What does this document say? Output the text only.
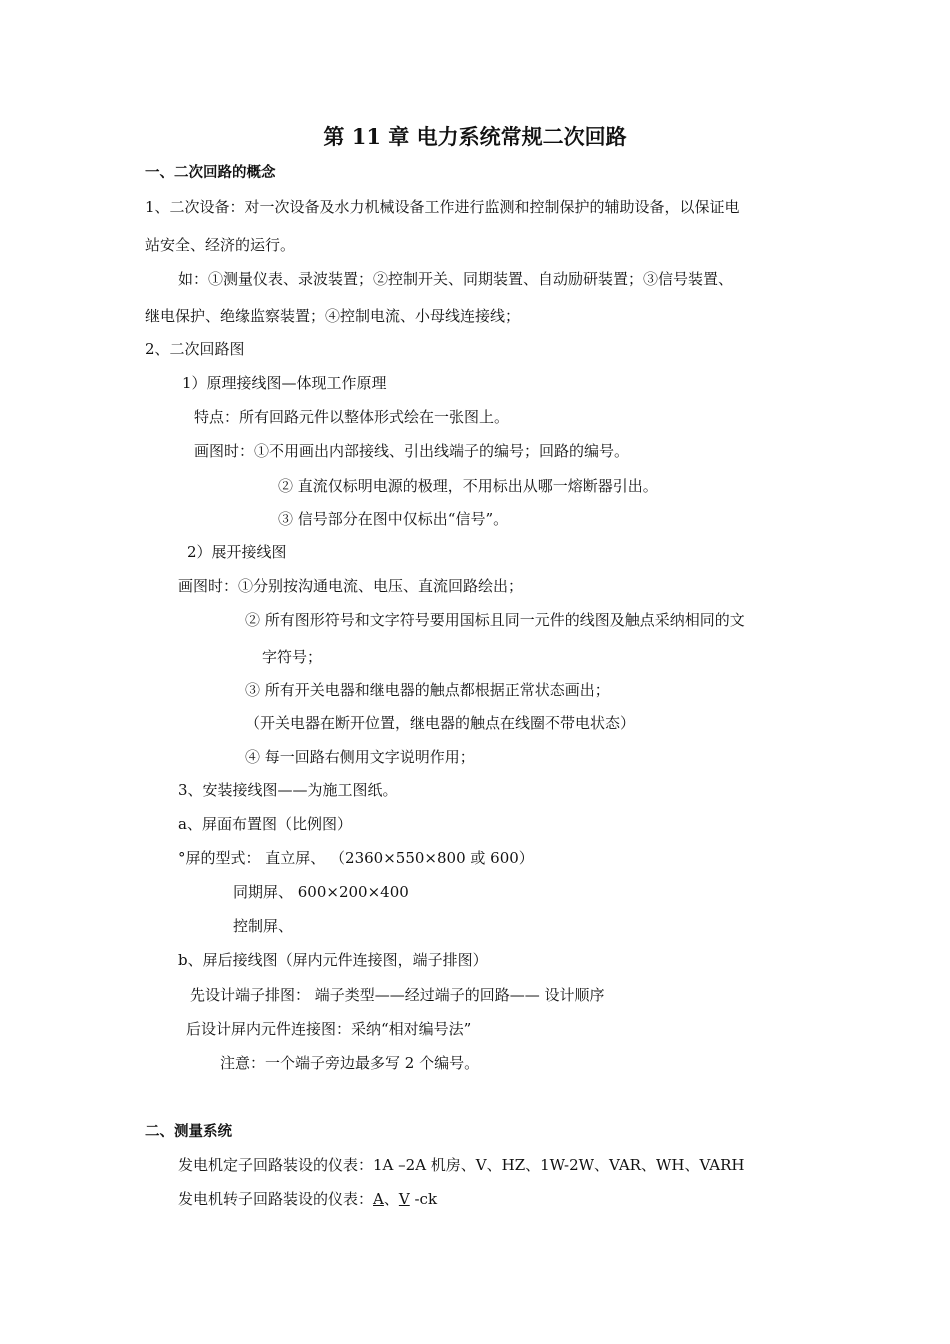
第 11 章 电力系统常规二次回路
一、二次回路的概念
1、二次设备：对一次设备及水力机械设备工作进行监测和控制保护的辅助设备，以保证电
站安全、经济的运行。
如：①测量仪表、录波装置；②控制开关、同期装置、自动励研装置；③信号装置、
继电保护、绝缘监察装置；④控制电流、小母线连接线；
2、二次回路图
1）原理接线图—体现工作原理
特点：所有回路元件以整体形式绘在一张图上。
画图时：①不用画出内部接线、引出线端子的编号；回路的编号。
② 直流仅标明电源的极理，不用标出从哪一熔断器引出。
③ 信号部分在图中仅标出“信号”。
2）展开接线图
画图时：①分别按沟通电流、电压、直流回路绘出；
② 所有图形符号和文字符号要用国标且同一元件的线图及触点采纳相同的文
字符号；
③ 所有开关电器和继电器的触点都根据正常状态画出；
（开关电器在断开位置，继电器的触点在线圈不带电状态）
④ 每一回路右侧用文字说明作用；
3、安装接线图——为施工图纸。
a、屏面布置图（比例图）
°屏的型式： 直立屏、 （2360×550×800 或 600）
同期屏、 600×200×400
控制屏、
b、屏后接线图（屏内元件连接图，端子排图）
先设计端子排图： 端子类型——经过端子的回路—— 设计顺序
后设计屏内元件连接图：采纳“相对编号法”
注意：一个端子旁边最多写 2 个编号。
二、测量系统
发电机定子回路装设的仪表：1A –2A 机房、V、HZ、1W-2W、VAR、WH、VARH
发电机转子回路装设的仪表：A、V -ck
